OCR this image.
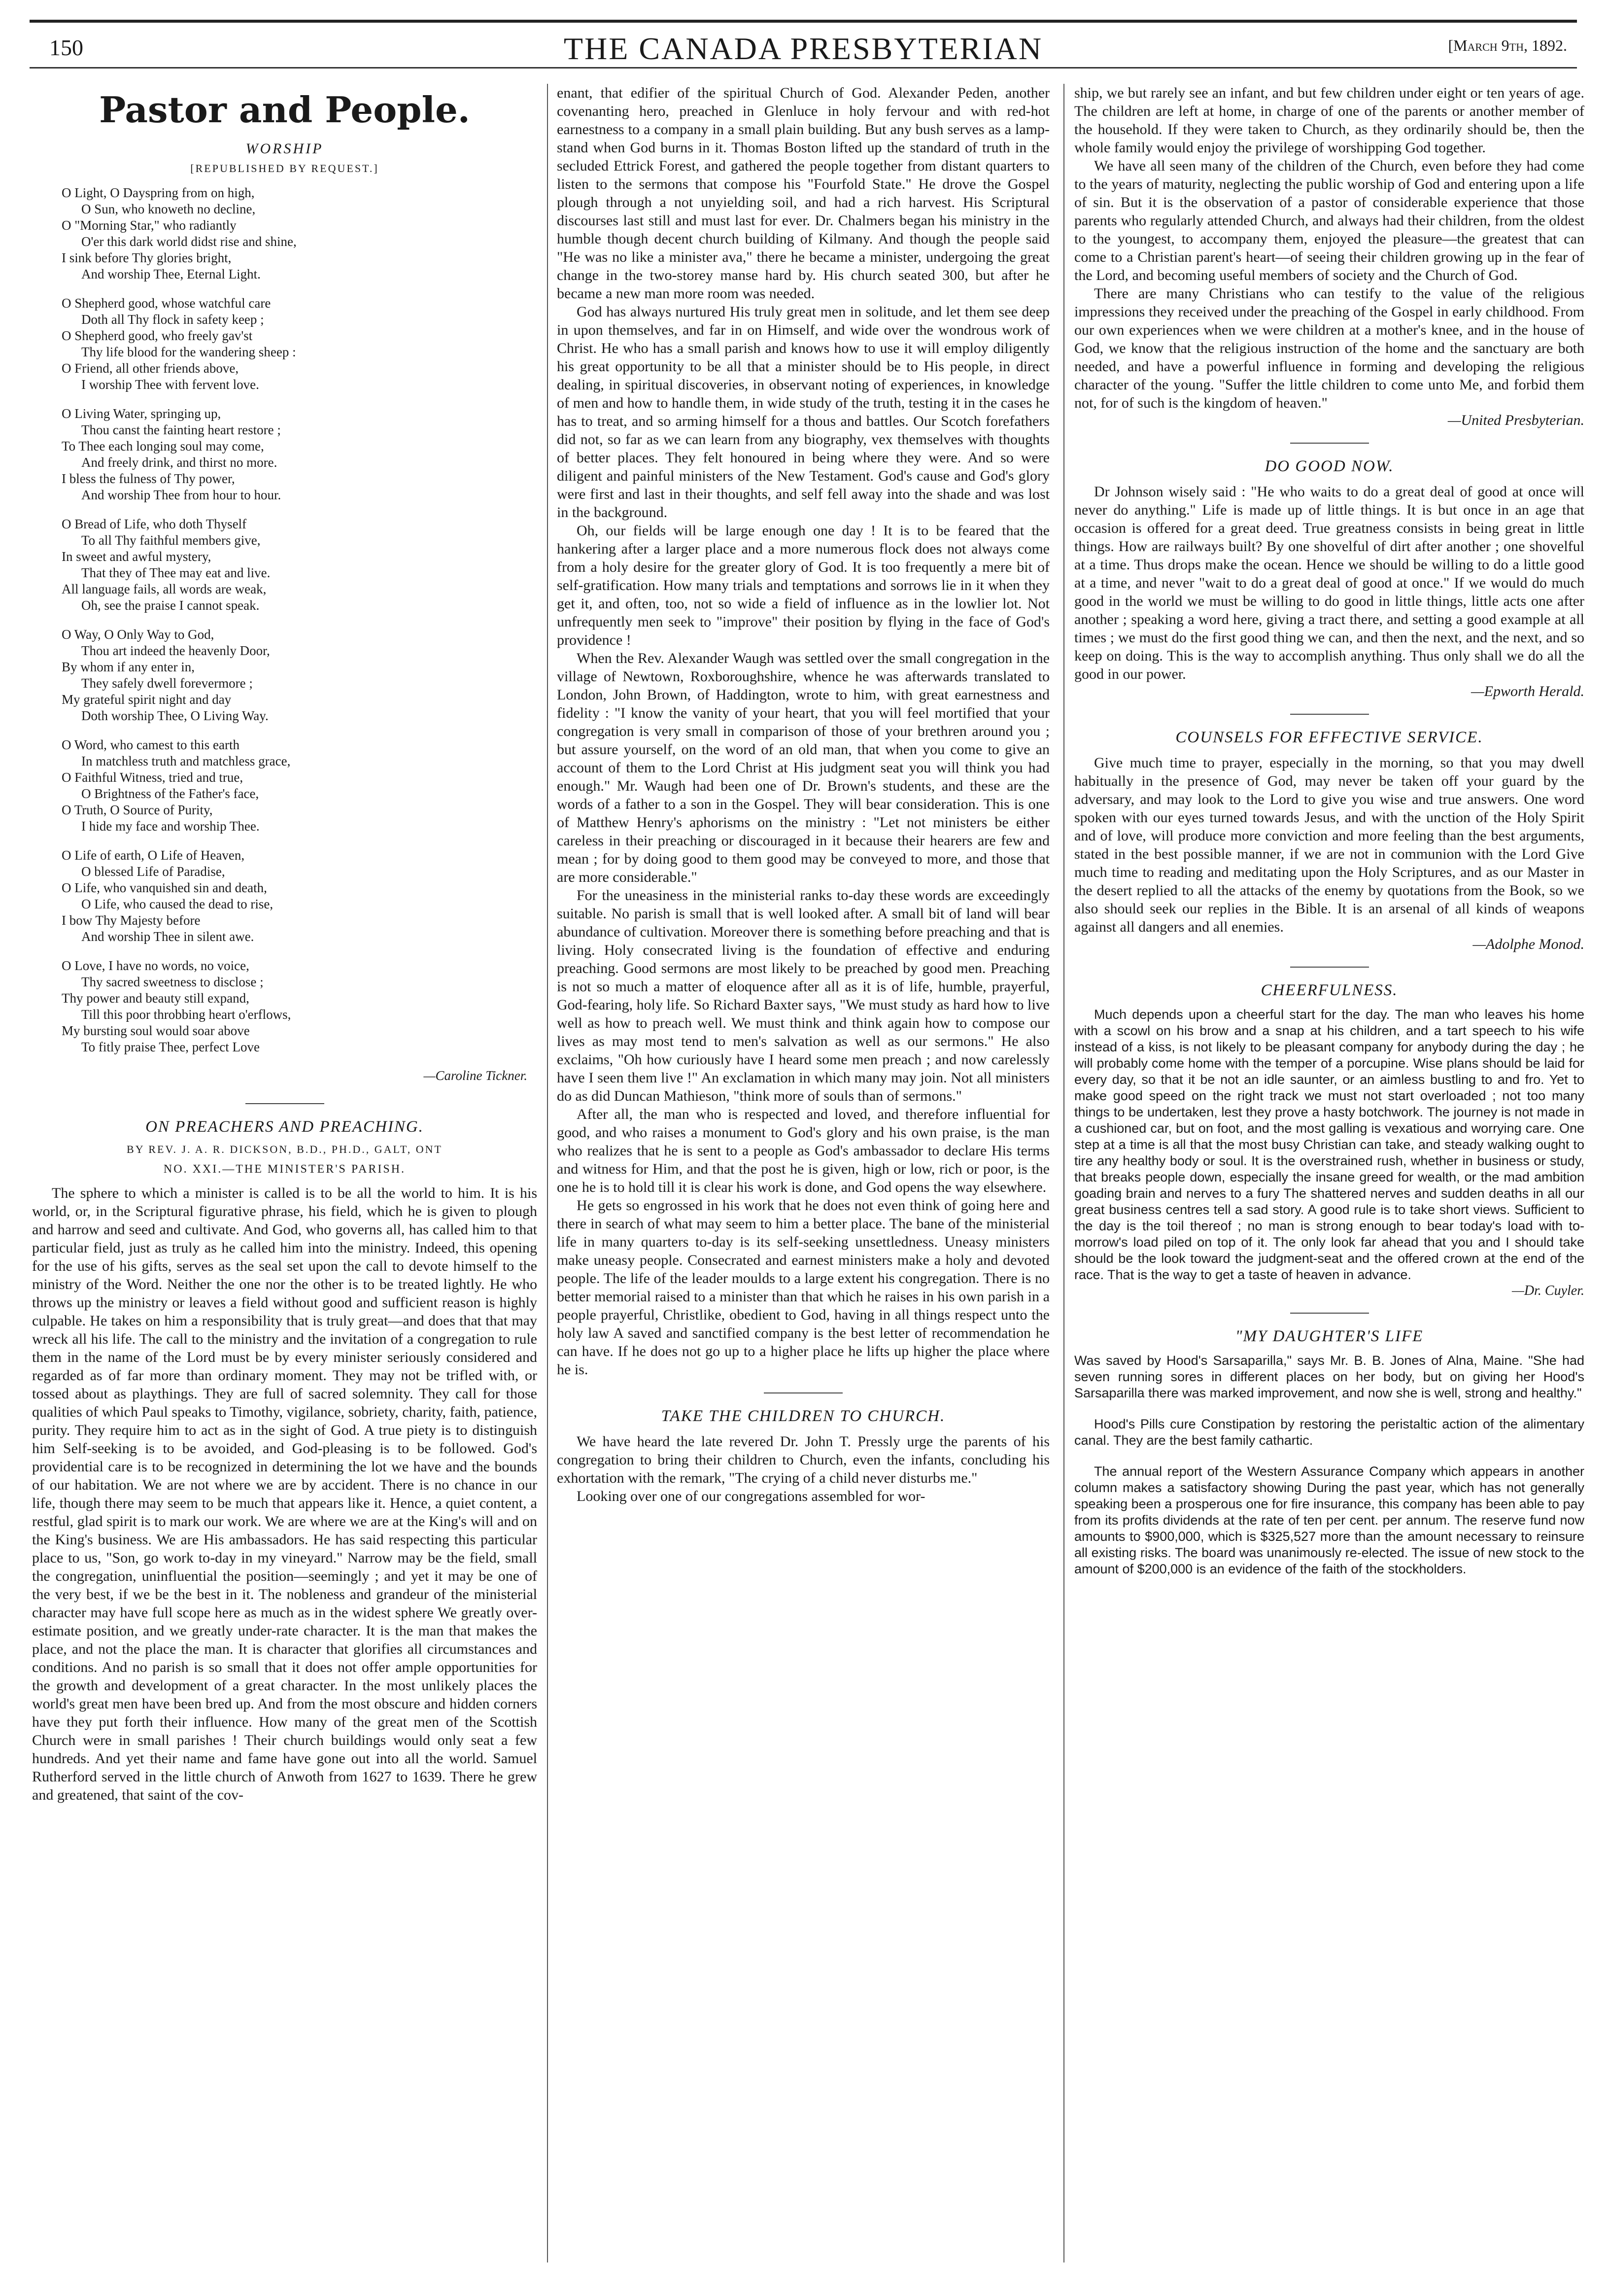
150	THE CANADA PRESBYTERIAN	[March 9th, 1892.
Pastor and People.
WORSHIP
[REPUBLISHED BY REQUEST.]
O Light, O Dayspring from on high,
O Sun, who knoweth no decline,
O "Morning Star," who radiantly
O'er this dark world didst rise and shine,
I sink before Thy glories bright,
And worship Thee, Eternal Light.
O Shepherd good, whose watchful care
Doth all Thy flock in safety keep ;
O Shepherd good, who freely gav'st
Thy life blood for the wandering sheep :
O Friend, all other friends above,
I worship Thee with fervent love.
O Living Water, springing up,
Thou canst the fainting heart restore ;
To Thee each longing soul may come,
And freely drink, and thirst no more.
I bless the fulness of Thy power,
And worship Thee from hour to hour.
O Bread of Life, who doth Thyself
To all Thy faithful members give,
In sweet and awful mystery,
That they of Thee may eat and live.
All language fails, all words are weak,
Oh, see the praise I cannot speak.
O Way, O Only Way to God,
Thou art indeed the heavenly Door,
By whom if any enter in,
They safely dwell forevermore ;
My grateful spirit night and day
Doth worship Thee, O Living Way.
O Word, who camest to this earth
In matchless truth and matchless grace,
O Faithful Witness, tried and true,
O Brightness of the Father's face,
O Truth, O Source of Purity,
I hide my face and worship Thee.
O Life of earth, O Life of Heaven,
O blessed Life of Paradise,
O Life, who vanquished sin and death,
O Life, who caused the dead to rise,
I bow Thy Majesty before
And worship Thee in silent awe.
O Love, I have no words, no voice,
Thy sacred sweetness to disclose ;
Thy power and beauty still expand,
Till this poor throbbing heart o'erflows,
My bursting soul would soar above
To fitly praise Thee, perfect Love
—Caroline Tickner.
ON PREACHERS AND PREACHING.
BY REV. J. A. R. DICKSON, B.D., PH.D., GALT, ONT
NO. XXI.—THE MINISTER'S PARISH.

The sphere to which a minister is called is to be all the world to him. It is his world, or, in the Scriptural figurative phrase, his field, which he is given to plough and harrow and seed and cultivate. And God, who governs all, has called him to that particular field, just as truly as he called him into the ministry. Indeed, this opening for the use of his gifts, serves as the seal set upon the call to devote himself to the ministry of the Word. Neither the one nor the other is to be treated lightly. He who throws up the ministry or leaves a field without good and sufficient reason is highly culpable. He takes on him a responsibility that is truly great—and does that that may wreck all his life. The call to the ministry and the invitation of a congregation to rule them in the name of the Lord must be by every minister seriously considered and regarded as of far more than ordinary moment. They may not be trifled with, or tossed about as playthings. They are full of sacred solemnity. They call for those qualities of which Paul speaks to Timothy, vigilance, sobriety, charity, faith, patience, purity. They require him to act as in the sight of God. A true piety is to distinguish him Self-seeking is to be avoided, and God-pleasing is to be followed. God's providential care is to be recognized in determining the lot we have and the bounds of our habitation. We are not where we are by accident. There is no chance in our life, though there may seem to be much that appears like it. Hence, a quiet content, a restful, glad spirit is to mark our work. We are where we are at the King's will and on the King's business. We are His ambassadors. He has said respecting this particular place to us, "Son, go work to-day in my vineyard." Narrow may be the field, small the congregation, uninfluential the position—seemingly ; and yet it may be one of the very best, if we be the best in it. The nobleness and grandeur of the ministerial character may have full scope here as much as in the widest sphere We greatly over-estimate position, and we greatly under-rate character. It is the man that makes the place, and not the place the man. It is character that glorifies all circumstances and conditions. And no parish is so small that it does not offer ample opportunities for the growth and development of a great character. In the most unlikely places the world's great men have been bred up. And from the most obscure and hidden corners have they put forth their influence. How many of the great men of the Scottish Church were in small parishes ! Their church buildings would only seat a few hundreds. And yet their name and fame have gone out into all the world. Samuel Rutherford served in the little church of Anwoth from 1627 to 1639. There he grew and greatened, that saint of the cov-

enant, that edifier of the spiritual Church of God. Alexander Peden, another covenanting hero, preached in Glenluce in holy fervour and with red-hot earnestness to a company in a small plain building. But any bush serves as a lamp-stand when God burns in it. Thomas Boston lifted up the standard of truth in the secluded Ettrick Forest, and gathered the people together from distant quarters to listen to the sermons that compose his "Fourfold State." He drove the Gospel plough through a not unyielding soil, and had a rich harvest. His Scriptural discourses last still and must last for ever. Dr. Chalmers began his ministry in the humble though decent church building of Kilmany. And though the people said "He was no like a minister ava," there he became a minister, undergoing the great change in the two-storey manse hard by. His church seated 300, but after he became a new man more room was needed.

God has always nurtured His truly great men in solitude, and let them see deep in upon themselves, and far in on Himself, and wide over the wondrous work of Christ. He who has a small parish and knows how to use it will employ diligently his great opportunity to be all that a minister should be to His people, in direct dealing, in spiritual discoveries, in observant noting of experiences, in knowledge of men and how to handle them, in wide study of the truth, testing it in the cases he has to treat, and so arming himself for a thous and battles. Our Scotch forefathers did not, so far as we can learn from any biography, vex themselves with thoughts of better places. They felt honoured in being where they were. And so were diligent and painful ministers of the New Testament. God's cause and God's glory were first and last in their thoughts, and self fell away into the shade and was lost in the background.

Oh, our fields will be large enough one day ! It is to be feared that the hankering after a larger place and a more numerous flock does not always come from a holy desire for the greater glory of God. It is too frequently a mere bit of self-gratification. How many trials and temptations and sorrows lie in it when they get it, and often, too, not so wide a field of influence as in the lowlier lot. Not unfrequently men seek to "improve" their position by flying in the face of God's providence !

When the Rev. Alexander Waugh was settled over the small congregation in the village of Newtown, Roxboroughshire, whence he was afterwards translated to London, John Brown, of Haddington, wrote to him, with great earnestness and fidelity : "I know the vanity of your heart, that you will feel mortified that your congregation is very small in comparison of those of your brethren around you ; but assure yourself, on the word of an old man, that when you come to give an account of them to the Lord Christ at His judgment seat you will think you had enough." Mr. Waugh had been one of Dr. Brown's students, and these are the words of a father to a son in the Gospel. They will bear consideration. This is one of Matthew Henry's aphorisms on the ministry : "Let not ministers be either careless in their preaching or discouraged in it because their hearers are few and mean ; for by doing good to them good may be conveyed to more, and those that are more considerable."

For the uneasiness in the ministerial ranks to-day these words are exceedingly suitable. No parish is small that is well looked after. A small bit of land will bear abundance of cultivation. Moreover there is something before preaching and that is living. Holy consecrated living is the foundation of effective and enduring preaching. Good sermons are most likely to be preached by good men. Preaching is not so much a matter of eloquence after all as it is of life, humble, prayerful, God-fearing, holy life. So Richard Baxter says, "We must study as hard how to live well as how to preach well. We must think and think again how to compose our lives as may most tend to men's salvation as well as our sermons." He also exclaims, "Oh how curiously have I heard some men preach ; and now carelessly have I seen them live !" An exclamation in which many may join. Not all ministers do as did Duncan Mathieson, "think more of souls than of sermons."

After all, the man who is respected and loved, and therefore influential for good, and who raises a monument to God's glory and his own praise, is the man who realizes that he is sent to a people as God's ambassador to declare His terms and witness for Him, and that the post he is given, high or low, rich or poor, is the one he is to hold till it is clear his work is done, and God opens the way elsewhere.

He gets so engrossed in his work that he does not even think of going here and there in search of what may seem to him a better place. The bane of the ministerial life in many quarters to-day is its self-seeking unsettledness. Uneasy ministers make uneasy people. Consecrated and earnest ministers make a holy and devoted people. The life of the leader moulds to a large extent his congregation. There is no better memorial raised to a minister than that which he raises in his own parish in a people prayerful, Christlike, obedient to God, having in all things respect unto the holy law A saved and sanctified company is the best letter of recommendation he can have. If he does not go up to a higher place he lifts up higher the place where he is.

TAKE THE CHILDREN TO CHURCH.

We have heard the late revered Dr. John T. Pressly urge the parents of his congregation to bring their children to Church, even the infants, concluding his exhortation with the remark, "The crying of a child never disturbs me."

Looking over one of our congregations assembled for wor-

ship, we but rarely see an infant, and but few children under eight or ten years of age. The children are left at home, in charge of one of the parents or another member of the household. If they were taken to Church, as they ordinarily should be, then the whole family would enjoy the privilege of worshipping God together.

We have all seen many of the children of the Church, even before they had come to the years of maturity, neglecting the public worship of God and entering upon a life of sin. But it is the observation of a pastor of considerable experience that those parents who regularly attended Church, and always had their children, from the oldest to the youngest, to accompany them, enjoyed the pleasure—the greatest that can come to a Christian parent's heart—of seeing their children growing up in the fear of the Lord, and becoming useful members of society and the Church of God.

There are many Christians who can testify to the value of the religious impressions they received under the preaching of the Gospel in early childhood. From our own experiences when we were children at a mother's knee, and in the house of God, we know that the religious instruction of the home and the sanctuary are both needed, and have a powerful influence in forming and developing the religious character of the young. "Suffer the little children to come unto Me, and forbid them not, for of such is the kingdom of heaven."

—United Presbyterian.
DO GOOD NOW.

Dr Johnson wisely said : "He who waits to do a great deal of good at once will never do anything." Life is made up of little things. It is but once in an age that occasion is offered for a great deed. True greatness consists in being great in little things. How are railways built? By one shovelful of dirt after another ; one shovelful at a time. Thus drops make the ocean. Hence we should be willing to do a little good at a time, and never "wait to do a great deal of good at once." If we would do much good in the world we must be willing to do good in little things, little acts one after another ; speaking a word here, giving a tract there, and setting a good example at all times ; we must do the first good thing we can, and then the next, and the next, and so keep on doing. This is the way to accomplish anything. Thus only shall we do all the good in our power.

—Epworth Herald.
COUNSELS FOR EFFECTIVE SERVICE.

Give much time to prayer, especially in the morning, so that you may dwell habitually in the presence of God, may never be taken off your guard by the adversary, and may look to the Lord to give you wise and true answers. One word spoken with our eyes turned towards Jesus, and with the unction of the Holy Spirit and of love, will produce more conviction and more feeling than the best arguments, stated in the best possible manner, if we are not in communion with the Lord Give much time to reading and meditating upon the Holy Scriptures, and as our Master in the desert replied to all the attacks of the enemy by quotations from the Book, so we also should seek our replies in the Bible. It is an arsenal of all kinds of weapons against all dangers and all enemies.

—Adolphe Monod.
CHEERFULNESS.

Much depends upon a cheerful start for the day. The man who leaves his home with a scowl on his brow and a snap at his children, and a tart speech to his wife instead of a kiss, is not likely to be pleasant company for anybody during the day ; he will probably come home with the temper of a porcupine. Wise plans should be laid for every day, so that it be not an idle saunter, or an aimless bustling to and fro. Yet to make good speed on the right track we must not start overloaded ; not too many things to be undertaken, lest they prove a hasty botchwork. The journey is not made in a cushioned car, but on foot, and the most galling is vexatious and worrying care. One step at a time is all that the most busy Christian can take, and steady walking ought to tire any healthy body or soul. It is the overstrained rush, whether in business or study, that breaks people down, especially the insane greed for wealth, or the mad ambition goading brain and nerves to a fury The shattered nerves and sudden deaths in all our great business centres tell a sad story. A good rule is to take short views. Sufficient to the day is the toil thereof ; no man is strong enough to bear today's load with to-morrow's load piled on top of it. The only look far ahead that you and I should take should be the look toward the judgment-seat and the offered crown at the end of the race. That is the way to get a taste of heaven in advance.

—Dr. Cuyler.
"MY DAUGHTER'S LIFE

Was saved by Hood's Sarsaparilla," says Mr. B. B. Jones of Alna, Maine. "She had seven running sores in different places on her body, but on giving her Hood's Sarsaparilla there was marked improvement, and now she is well, strong and healthy."

Hood's Pills cure Constipation by restoring the peristaltic action of the alimentary canal. They are the best family cathartic.

The annual report of the Western Assurance Company which appears in another column makes a satisfactory showing During the past year, which has not generally speaking been a prosperous one for fire insurance, this company has been able to pay from its profits dividends at the rate of ten per cent. per annum. The reserve fund now amounts to $900,000, which is $325,527 more than the amount necessary to reinsure all existing risks. The board was unanimously re-elected. The issue of new stock to the amount of $200,000 is an evidence of the faith of the stockholders.
